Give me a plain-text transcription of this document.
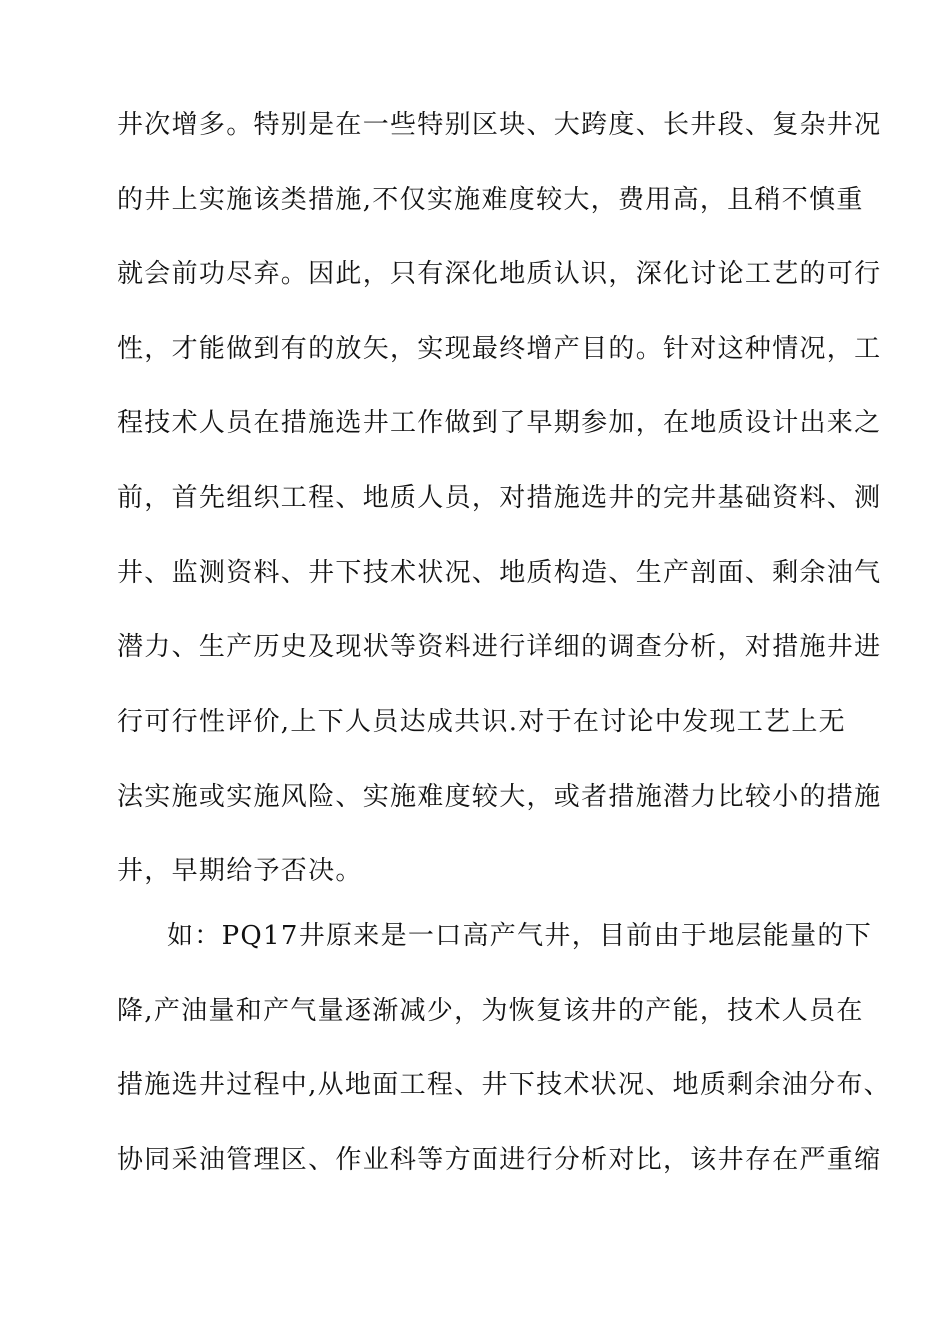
井次增多。特别是在一些特别区块、大跨度、长井段、复杂井况
的井上实施该类措施,不仅实施难度较大，费用高，且稍不慎重
就会前功尽弃。因此，只有深化地质认识，深化讨论工艺的可行
性，才能做到有的放矢，实现最终增产目的。针对这种情况，工
程技术人员在措施选井工作做到了早期参加，在地质设计出来之
前，首先组织工程、地质人员，对措施选井的完井基础资料、测
井、监测资料、井下技术状况、地质构造、生产剖面、剩余油气
潜力、生产历史及现状等资料进行详细的调查分析，对措施井进
行可行性评价,上下人员达成共识.对于在讨论中发现工艺上无
法实施或实施风险、实施难度较大，或者措施潜力比较小的措施
井，早期给予否决。
如：PQ17井原来是一口高产气井，目前由于地层能量的下
降,产油量和产气量逐渐减少，为恢复该井的产能，技术人员在
措施选井过程中,从地面工程、井下技术状况、地质剩余油分布、
协同采油管理区、作业科等方面进行分析对比，该井存在严重缩
